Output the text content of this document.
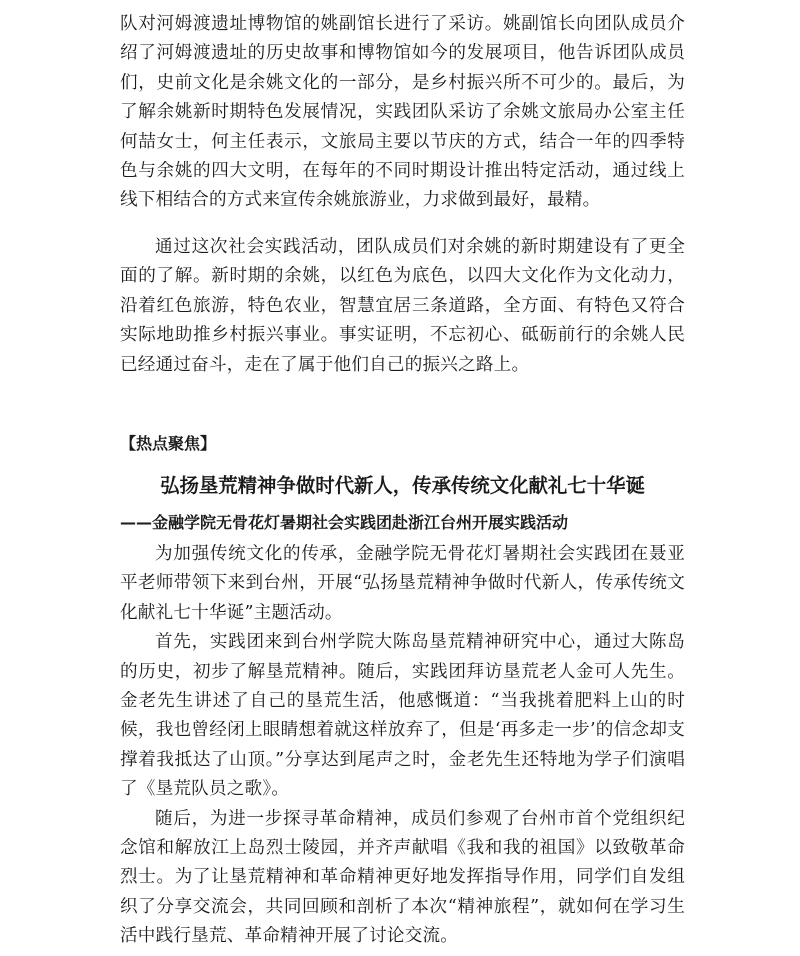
队对河姆渡遗址博物馆的姚副馆长进行了采访。姚副馆长向团队成员介绍了河姆渡遗址的历史故事和博物馆如今的发展项目，他告诉团队成员们，史前文化是余姚文化的一部分，是乡村振兴所不可少的。最后，为了解余姚新时期特色发展情况，实践团队采访了余姚文旅局办公室主任何喆女士，何主任表示，文旅局主要以节庆的方式，结合一年的四季特色与余姚的四大文明，在每年的不同时期设计推出特定活动，通过线上线下相结合的方式来宣传余姚旅游业，力求做到最好，最精。

通过这次社会实践活动，团队成员们对余姚的新时期建设有了更全面的了解。新时期的余姚，以红色为底色，以四大文化作为文化动力，沿着红色旅游，特色农业，智慧宜居三条道路，全方面、有特色又符合实际地助推乡村振兴事业。事实证明，不忘初心、砥砺前行的余姚人民已经通过奋斗，走在了属于他们自己的振兴之路上。

【热点聚焦】
弘扬垦荒精神争做时代新人，传承传统文化献礼七十华诞
——金融学院无骨花灯暑期社会实践团赴浙江台州开展实践活动

为加强传统文化的传承，金融学院无骨花灯暑期社会实践团在聂亚平老师带领下来到台州，开展“弘扬垦荒精神争做时代新人，传承传统文化献礼七十华诞”主题活动。

首先，实践团来到台州学院大陈岛垦荒精神研究中心，通过大陈岛的历史，初步了解垦荒精神。随后，实践团拜访垦荒老人金可人先生。金老先生讲述了自己的垦荒生活，他感慨道：“当我挑着肥料上山的时候，我也曾经闭上眼睛想着就这样放弃了，但是‘再多走一步’的信念却支撑着我抵达了山顶。”分享达到尾声之时，金老先生还特地为学子们演唱了《垦荒队员之歌》。

随后，为进一步探寻革命精神，成员们参观了台州市首个党组织纪念馆和解放江上岛烈士陵园，并齐声献唱《我和我的祖国》以致敬革命烈士。为了让垦荒精神和革命精神更好地发挥指导作用，同学们自发组织了分享交流会，共同回顾和剖析了本次“精神旅程”，就如何在学习生活中践行垦荒、革命精神开展了讨论交流。
